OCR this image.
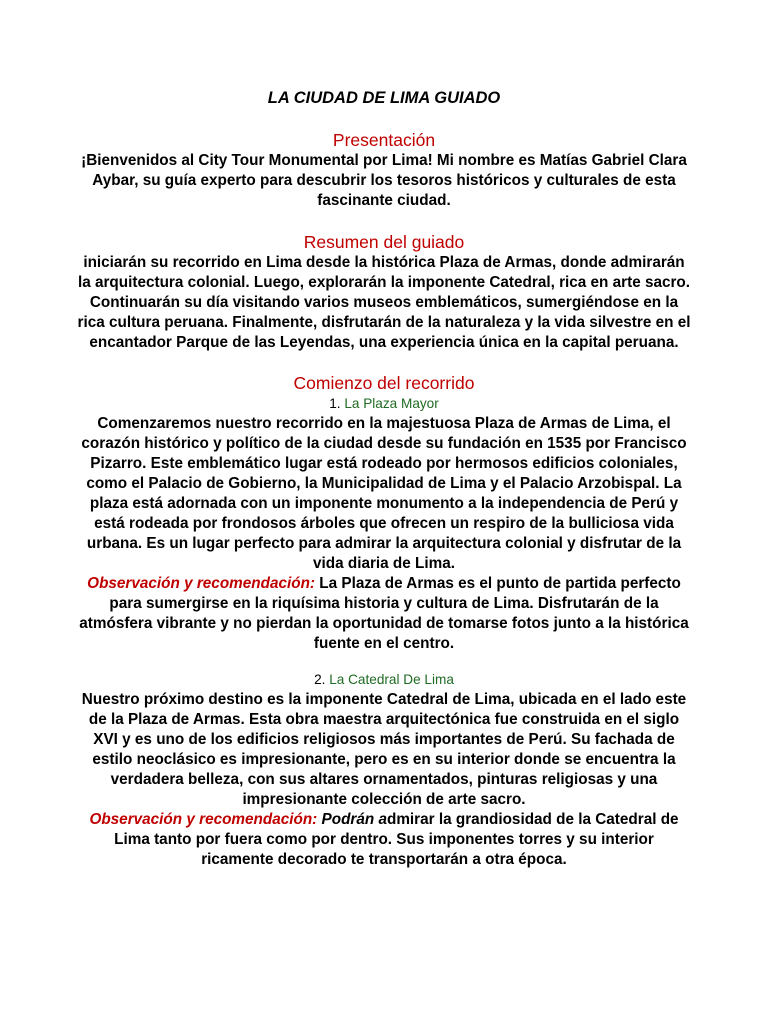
LA CIUDAD DE LIMA GUIADO
Presentación

¡Bienvenidos al City Tour Monumental por Lima! Mi nombre es Matías Gabriel Clara Aybar, su guía experto para descubrir los tesoros históricos y culturales de esta fascinante ciudad.

Resumen del guiado

iniciarán su recorrido en Lima desde la histórica Plaza de Armas, donde admirarán la arquitectura colonial. Luego, explorarán la imponente Catedral, rica en arte sacro. Continuarán su día visitando varios museos emblemáticos, sumergiéndose en la rica cultura peruana. Finalmente, disfrutarán de la naturaleza y la vida silvestre en el encantador Parque de las Leyendas, una experiencia única en la capital peruana.

Comienzo del recorrido

1. La Plaza Mayor

Comenzaremos nuestro recorrido en la majestuosa Plaza de Armas de Lima, el corazón histórico y político de la ciudad desde su fundación en 1535 por Francisco Pizarro. Este emblemático lugar está rodeado por hermosos edificios coloniales, como el Palacio de Gobierno, la Municipalidad de Lima y el Palacio Arzobispal. La plaza está adornada con un imponente monumento a la independencia de Perú y está rodeada por frondosos árboles que ofrecen un respiro de la bulliciosa vida urbana. Es un lugar perfecto para admirar la arquitectura colonial y disfrutar de la vida diaria de Lima.

Observación y recomendación: La Plaza de Armas es el punto de partida perfecto para sumergirse en la riquísima historia y cultura de Lima. Disfrutarán de la atmósfera vibrante y no pierdan la oportunidad de tomarse fotos junto a la histórica fuente en el centro.

2. La Catedral De Lima

Nuestro próximo destino es la imponente Catedral de Lima, ubicada en el lado este de la Plaza de Armas. Esta obra maestra arquitectónica fue construida en el siglo XVI y es uno de los edificios religiosos más importantes de Perú. Su fachada de estilo neoclásico es impresionante, pero es en su interior donde se encuentra la verdadera belleza, con sus altares ornamentados, pinturas religiosas y una impresionante colección de arte sacro.

Observación y recomendación: Podrán admirar la grandiosidad de la Catedral de Lima tanto por fuera como por dentro. Sus imponentes torres y su interior ricamente decorado te transportarán a otra época.
